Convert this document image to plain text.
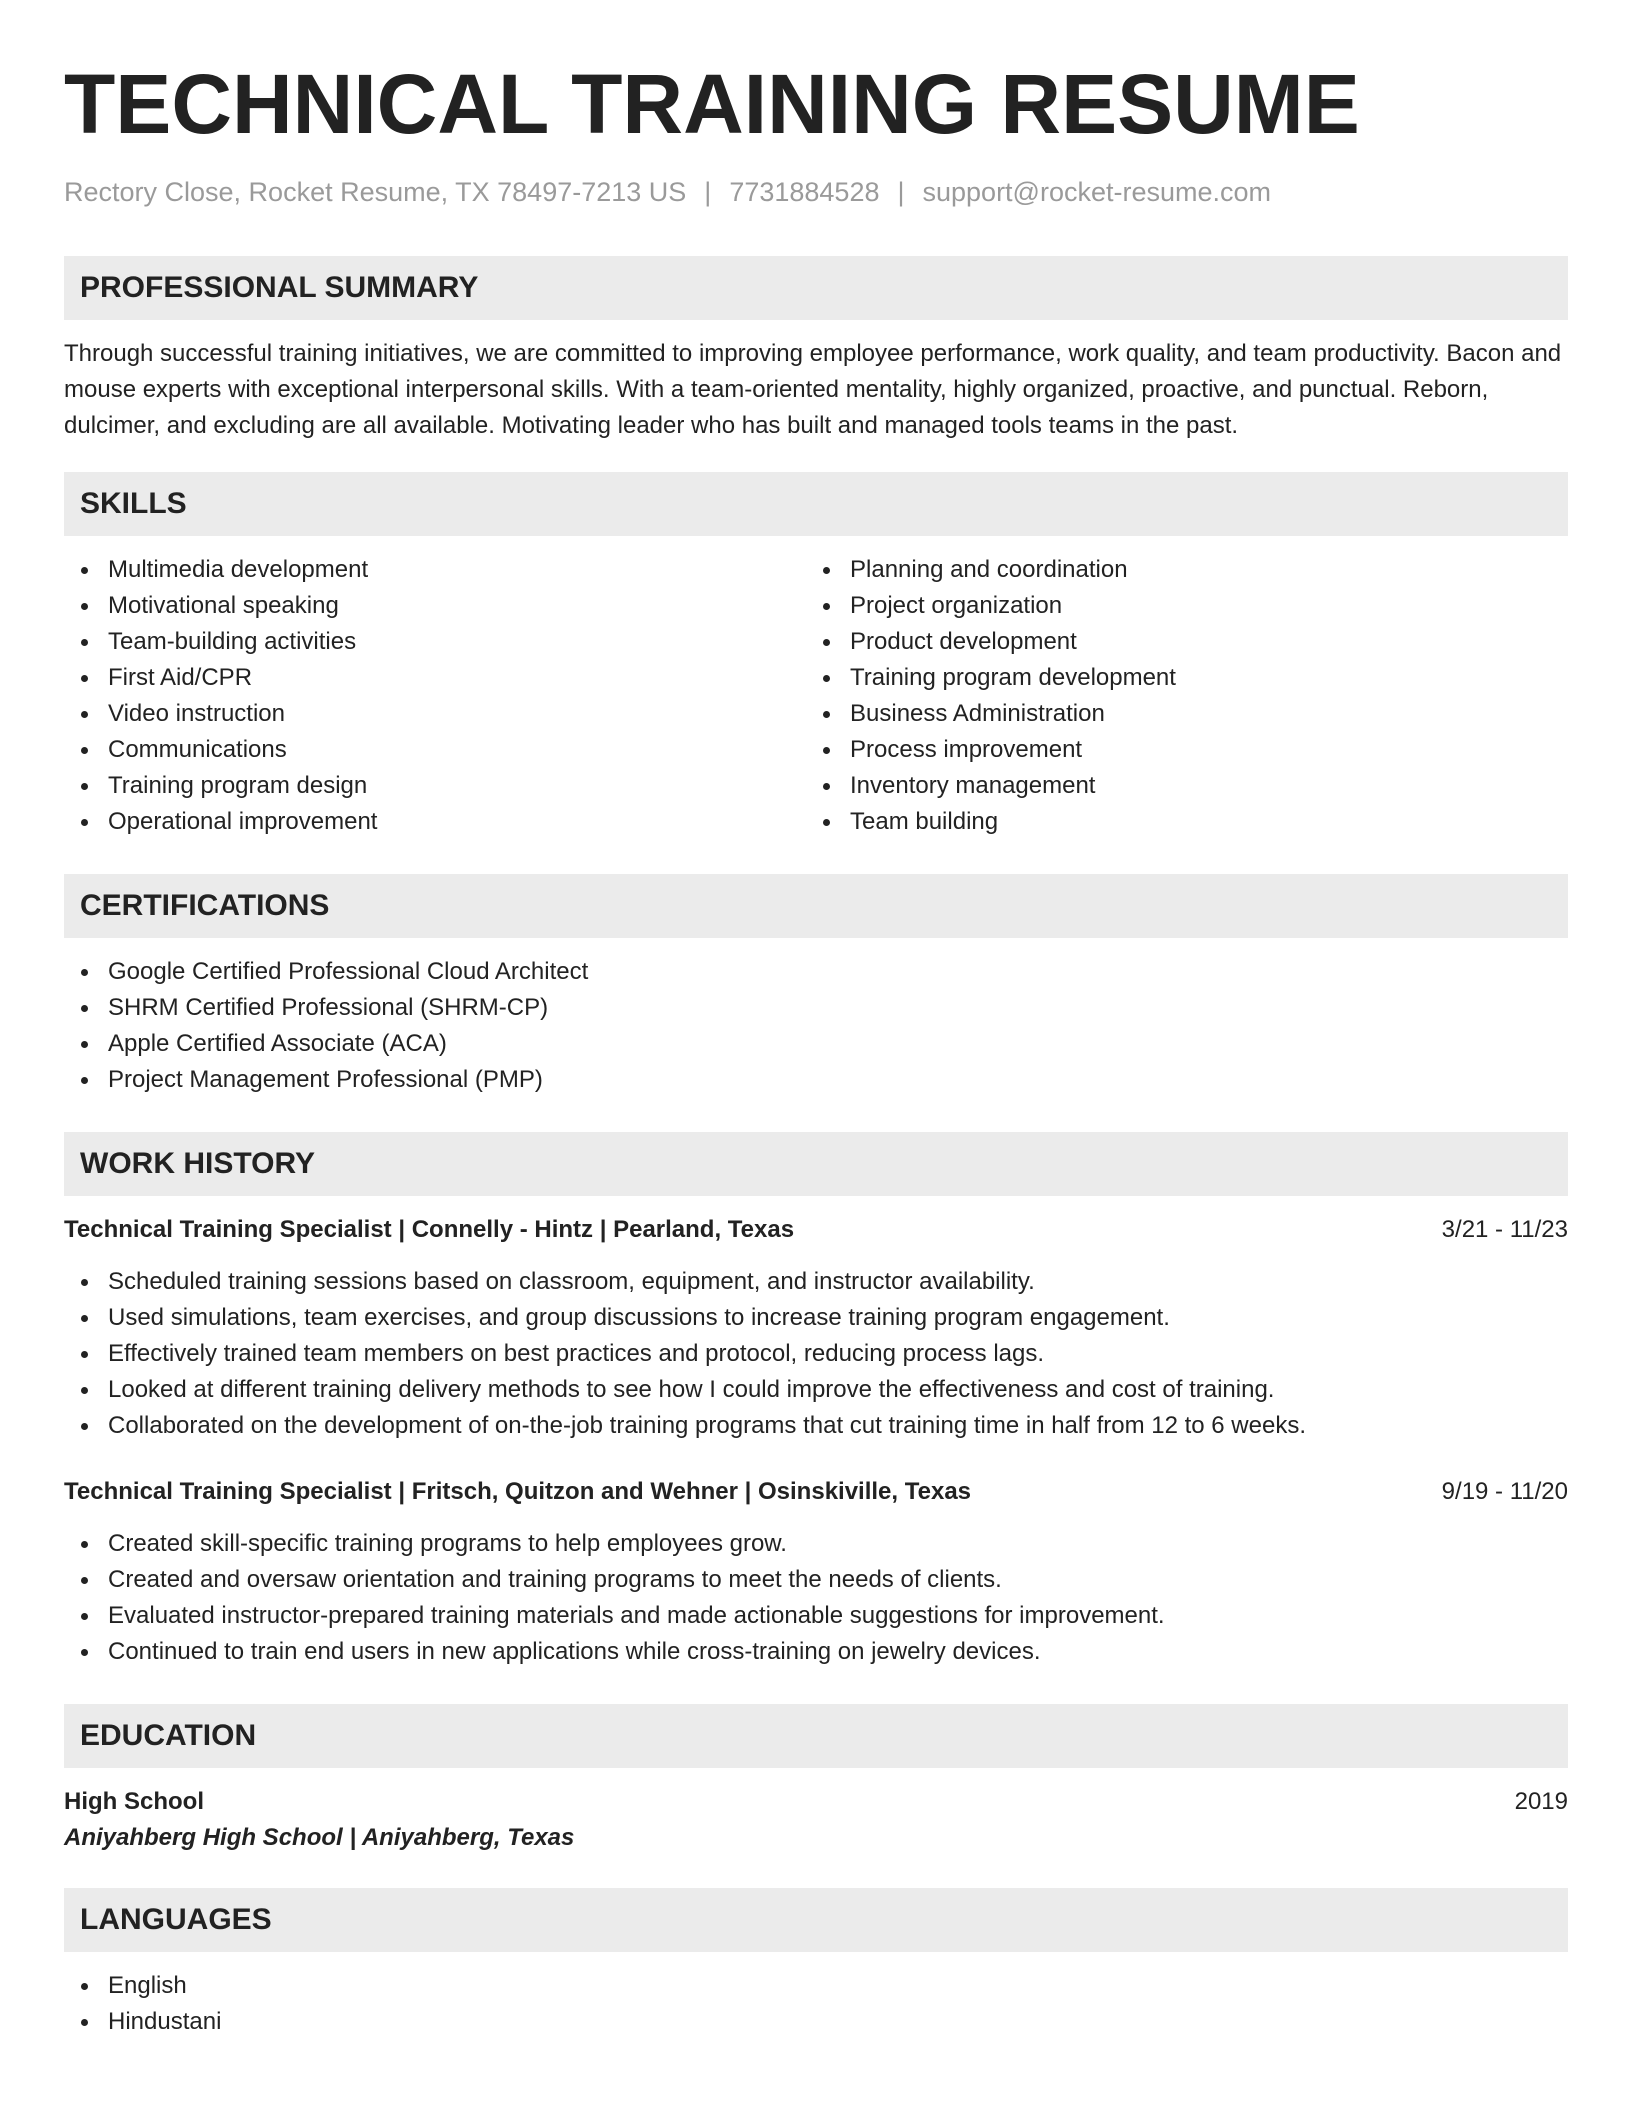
TECHNICAL TRAINING RESUME
Rectory Close, Rocket Resume, TX 78497-7213 US | 7731884528 | support@rocket-resume.com
PROFESSIONAL SUMMARY

Through successful training initiatives, we are committed to improving employee performance, work quality, and team productivity. Bacon and mouse experts with exceptional interpersonal skills. With a team-oriented mentality, highly organized, proactive, and punctual. Reborn, dulcimer, and excluding are all available. Motivating leader who has built and managed tools teams in the past.

SKILLS
Multimedia development
Motivational speaking
Team-building activities
First Aid/CPR
Video instruction
Communications
Training program design
Operational improvement
Planning and coordination
Project organization
Product development
Training program development
Business Administration
Process improvement
Inventory management
Team building
CERTIFICATIONS
Google Certified Professional Cloud Architect
SHRM Certified Professional (SHRM-CP)
Apple Certified Associate (ACA)
Project Management Professional (PMP)
WORK HISTORY
Technical Training Specialist | Connelly - Hintz | Pearland, Texas	3/21 - 11/23
Scheduled training sessions based on classroom, equipment, and instructor availability.
Used simulations, team exercises, and group discussions to increase training program engagement.
Effectively trained team members on best practices and protocol, reducing process lags.
Looked at different training delivery methods to see how I could improve the effectiveness and cost of training.
Collaborated on the development of on-the-job training programs that cut training time in half from 12 to 6 weeks.
Technical Training Specialist | Fritsch, Quitzon and Wehner | Osinskiville, Texas	9/19 - 11/20
Created skill-specific training programs to help employees grow.
Created and oversaw orientation and training programs to meet the needs of clients.
Evaluated instructor-prepared training materials and made actionable suggestions for improvement.
Continued to train end users in new applications while cross-training on jewelry devices.
EDUCATION
High School	2019
Aniyahberg High School | Aniyahberg, Texas
LANGUAGES
English
Hindustani
